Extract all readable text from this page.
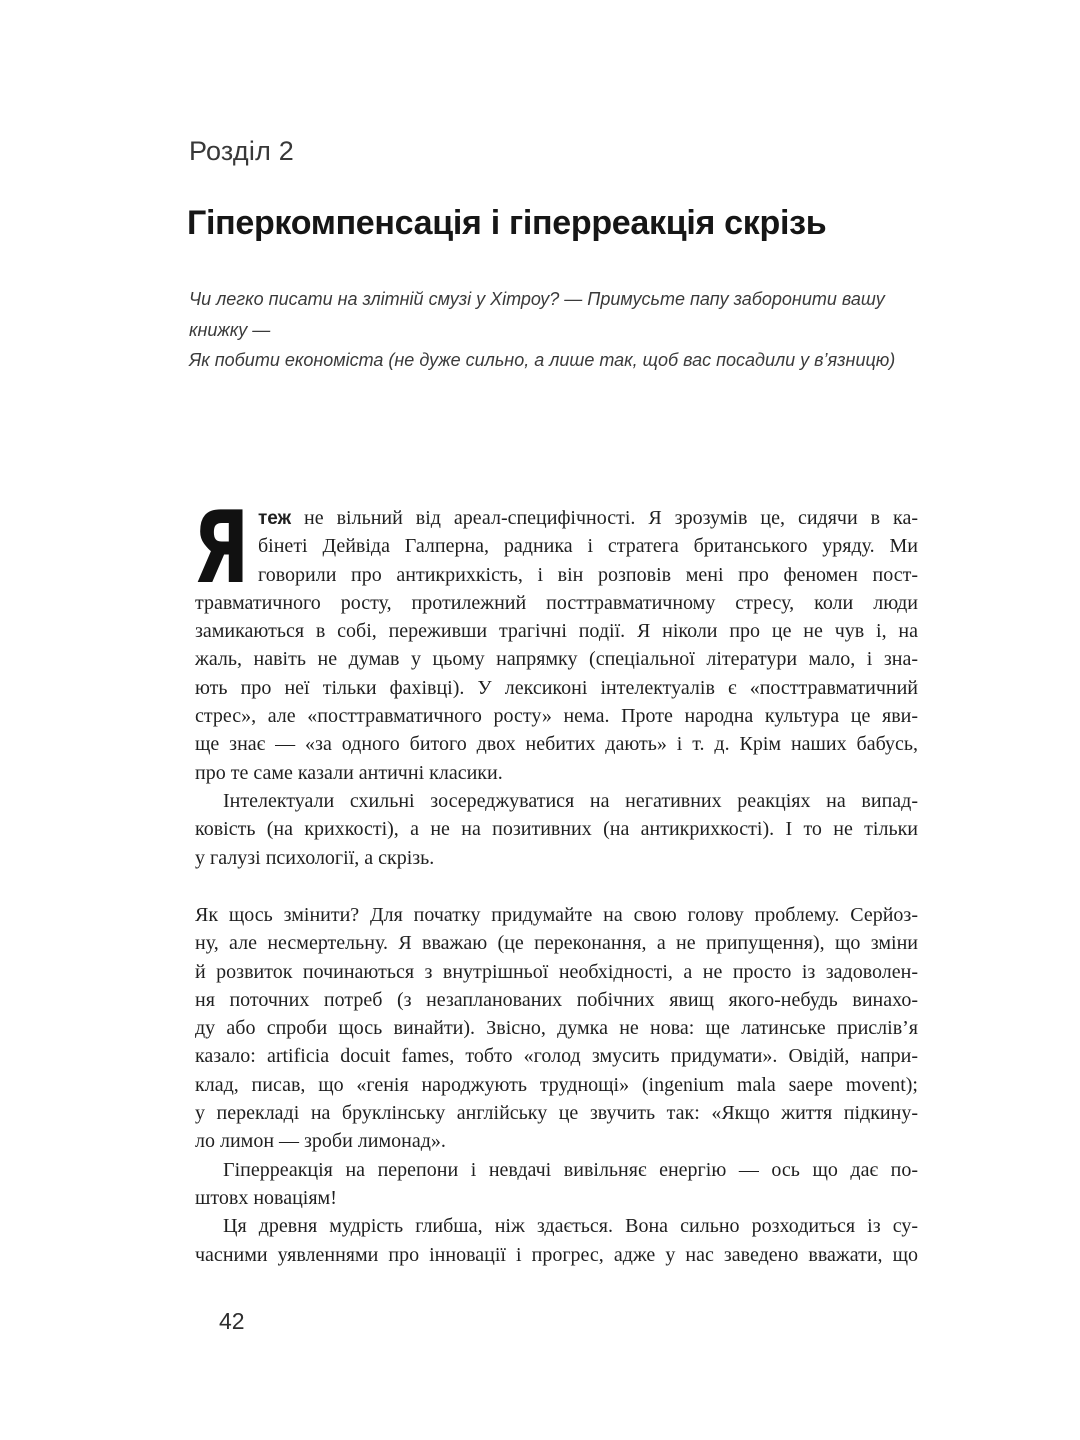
Розділ 2
Гіперкомпенсація і гіперреакція скрізь
Чи легко писати на злітній смузі у Хітроу? — Примусьте папу заборонити вашу книжку —
Як побити економіста (не дуже сильно, а лише так, щоб вас посадили у в’язницю)
Я теж не вільний від ареал-специфічності. Я зрозумів це, сидячи в ка-
бінеті Дейвіда Галперна, радника і стратега британського уряду. Ми
говорили про антикрихкість, і він розповів мені про феномен пост-
травматичного росту, протилежний посттравматичному стресу, коли люди
замикаються в собі, переживши трагічні події. Я ніколи про це не чув і, на
жаль, навіть не думав у цьому напрямку (спеціальної літератури мало, і зна-
ють про неї тільки фахівці). У лексиконі інтелектуалів є «посттравматичний
стрес», але «посттравматичного росту» нема. Проте народна культура це яви-
ще знає — «за одного битого двох небитих дають» і т. д. Крім наших бабусь,
про те саме казали античні класики.
Інтелектуали схильні зосереджуватися на негативних реакціях на випад-
ковість (на крихкості), а не на позитивних (на антикрихкості). І то не тільки
у галузі психології, а скрізь.
Як щось змінити? Для початку придумайте на свою голову проблему. Серйоз-
ну, але несмертельну. Я вважаю (це переконання, а не припущення), що зміни
й розвиток починаються з внутрішньої необхідності, а не просто із задоволен-
ня поточних потреб (з незапланованих побічних явищ якого-небудь винахо-
ду або спроби щось винайти). Звісно, думка не нова: ще латинське прислів’я
казало: artificia docuit fames, тобто «голод змусить придумати». Овідій, напри-
клад, писав, що «генія народжують труднощі» (ingenium mala saepe movent);
у перекладі на бруклінську англійську це звучить так: «Якщо життя підкину-
ло лимон — зроби лимонад».
Гіперреакція на перепони і невдачі вивільняє енергію — ось що дає по-
штовх новаціям!
Ця древня мудрість глибша, ніж здається. Вона сильно розходиться із су-
часними уявленнями про інновації і прогрес, адже у нас заведено вважати, що
42
